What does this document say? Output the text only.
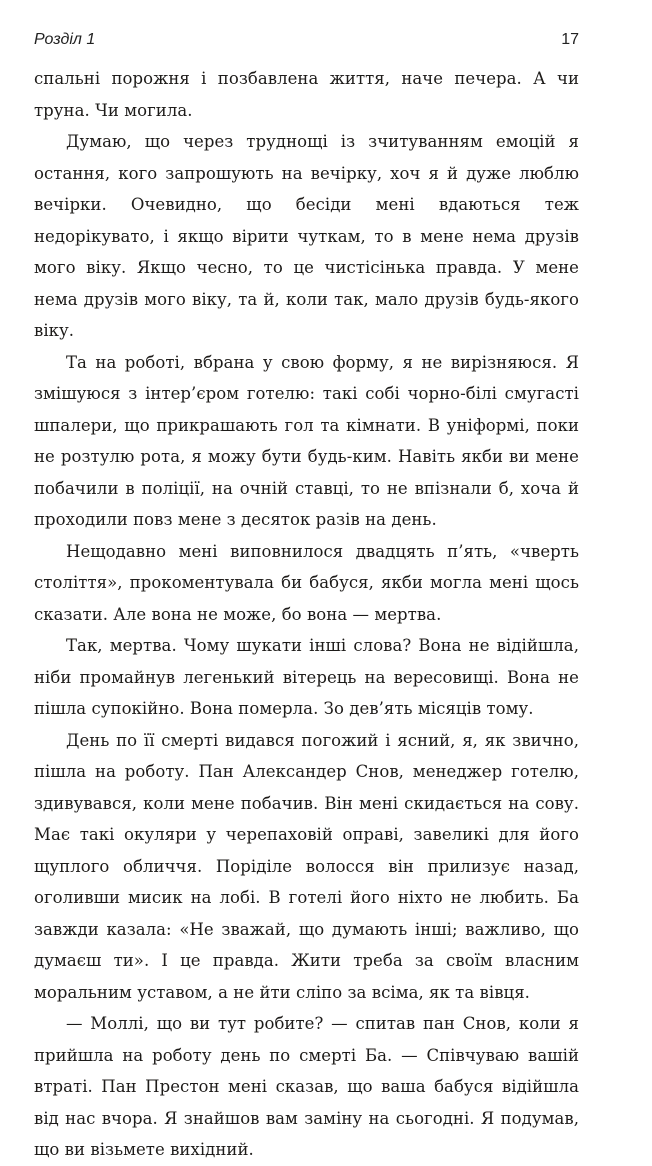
Розділ 1	17

спальні порожня і позбавлена життя, наче печера. А чи труна. Чи могила.

Думаю, що через труднощі із зчитуванням емоцій я остання, кого запрошують на вечірку, хоч я й дуже люблю вечірки. Очевидно, що бесіди мені вдаються теж недорікувато, і якщо вірити чуткам, то в мене нема друзів мого віку. Якщо чесно, то це чистісінька правда. У мене нема друзів мого віку, та й, коли так, мало друзів будь-якого віку.

Та на роботі, вбрана у свою форму, я не вирізняюся. Я змішуюся з інтер’єром готелю: такі собі чорно-білі смугасті шпалери, що прикрашають гол та кімнати. В уніформі, поки не розтулю рота, я можу бути будь-ким. Навіть якби ви мене побачили в поліції, на очній ставці, то не впізнали б, хоча й проходили повз мене з десяток разів на день.

Нещодавно мені виповнилося двадцять п’ять, «чверть століття», прокоментувала би бабуся, якби могла мені щось сказати. Але вона не може, бо вона — мертва.

Так, мертва. Чому шукати інші слова? Вона не відійшла, ніби промайнув легенький вітерець на вересовищі. Вона не пішла супокійно. Вона померла. Зо дев’ять місяців тому.

День по її смерті видався погожий і ясний, я, як звично, пішла на роботу. Пан Александер Снов, менеджер готелю, здивувався, коли мене побачив. Він мені скидається на сову. Має такі окуляри у черепаховій оправі, завеликі для його щуплого обличчя. Поріділе волосся він прилизує назад, оголивши мисик на лобі. В готелі його ніхто не любить. Ба завжди казала: «Не зважай, що думають інші; важливо, що думаєш ти». І це правда. Жити треба за своїм власним моральним уставом, а не йти сліпо за всіма, як та вівця.

— Моллі, що ви тут робите? — спитав пан Снов, коли я прийшла на роботу день по смерті Ба. — Співчуваю вашій втраті. Пан Престон мені сказав, що ваша бабуся відійшла від нас вчора. Я знайшов вам заміну на сьогодні. Я подумав, що ви візьмете вихідний.
